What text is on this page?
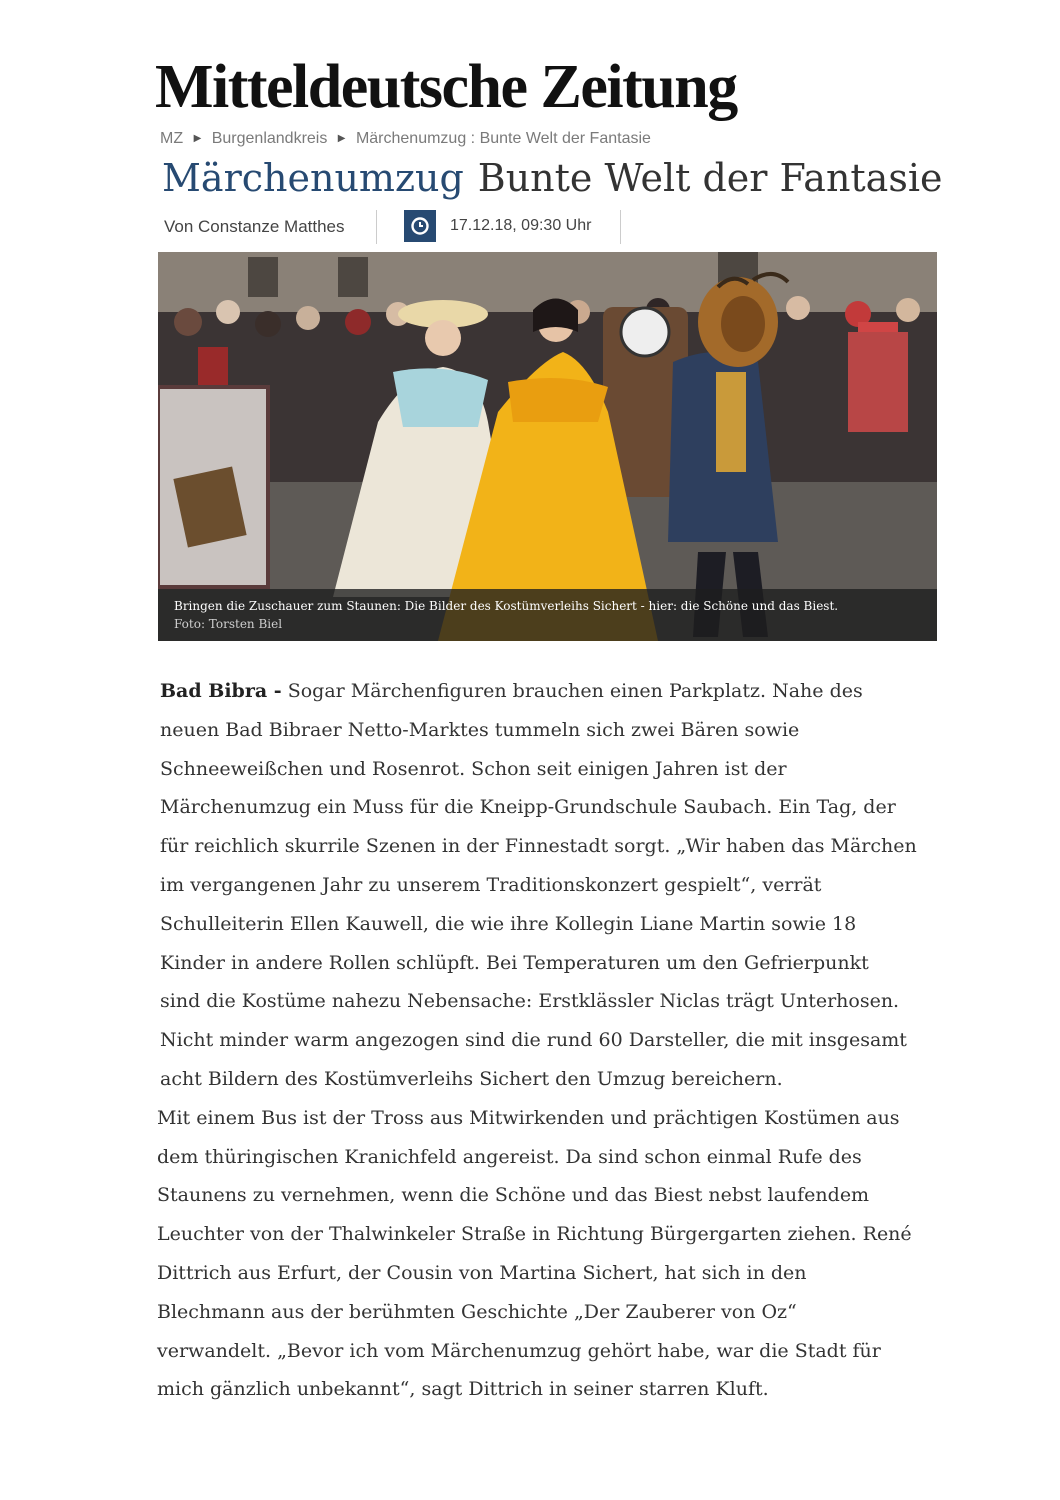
Mitteldeutsche Zeitung
MZ ▶ Burgenlandkreis ▶ Märchenumzug : Bunte Welt der Fantasie
Märchenumzug Bunte Welt der Fantasie
Von Constanze Matthes	17.12.18, 09:30 Uhr
Bringen die Zuschauer zum Staunen: Die Bilder des Kostümverleihs Sichert - hier: die Schöne und das Biest.
Foto: Torsten Biel

Bad Bibra - Sogar Märchenfiguren brauchen einen Parkplatz. Nahe des
neuen Bad Bibraer Netto-Marktes tummeln sich zwei Bären sowie
Schneeweißchen und Rosenrot. Schon seit einigen Jahren ist der
Märchenumzug ein Muss für die Kneipp-Grundschule Saubach. Ein Tag, der
für reichlich skurrile Szenen in der Finnestadt sorgt. „Wir haben das Märchen
im vergangenen Jahr zu unserem Traditionskonzert gespielt“, verrät
Schulleiterin Ellen Kauwell, die wie ihre Kollegin Liane Martin sowie 18
Kinder in andere Rollen schlüpft. Bei Temperaturen um den Gefrierpunkt
sind die Kostüme nahezu Nebensache: Erstklässler Niclas trägt Unterhosen.
Nicht minder warm angezogen sind die rund 60 Darsteller, die mit insgesamt
acht Bildern des Kostümverleihs Sichert den Umzug bereichern.

Mit einem Bus ist der Tross aus Mitwirkenden und prächtigen Kostümen aus
dem thüringischen Kranichfeld angereist. Da sind schon einmal Rufe des
Staunens zu vernehmen, wenn die Schöne und das Biest nebst laufendem
Leuchter von der Thalwinkeler Straße in Richtung Bürgergarten ziehen. René
Dittrich aus Erfurt, der Cousin von Martina Sichert, hat sich in den
Blechmann aus der berühmten Geschichte „Der Zauberer von Oz“
verwandelt. „Bevor ich vom Märchenumzug gehört habe, war die Stadt für
mich gänzlich unbekannt“, sagt Dittrich in seiner starren Kluft.
